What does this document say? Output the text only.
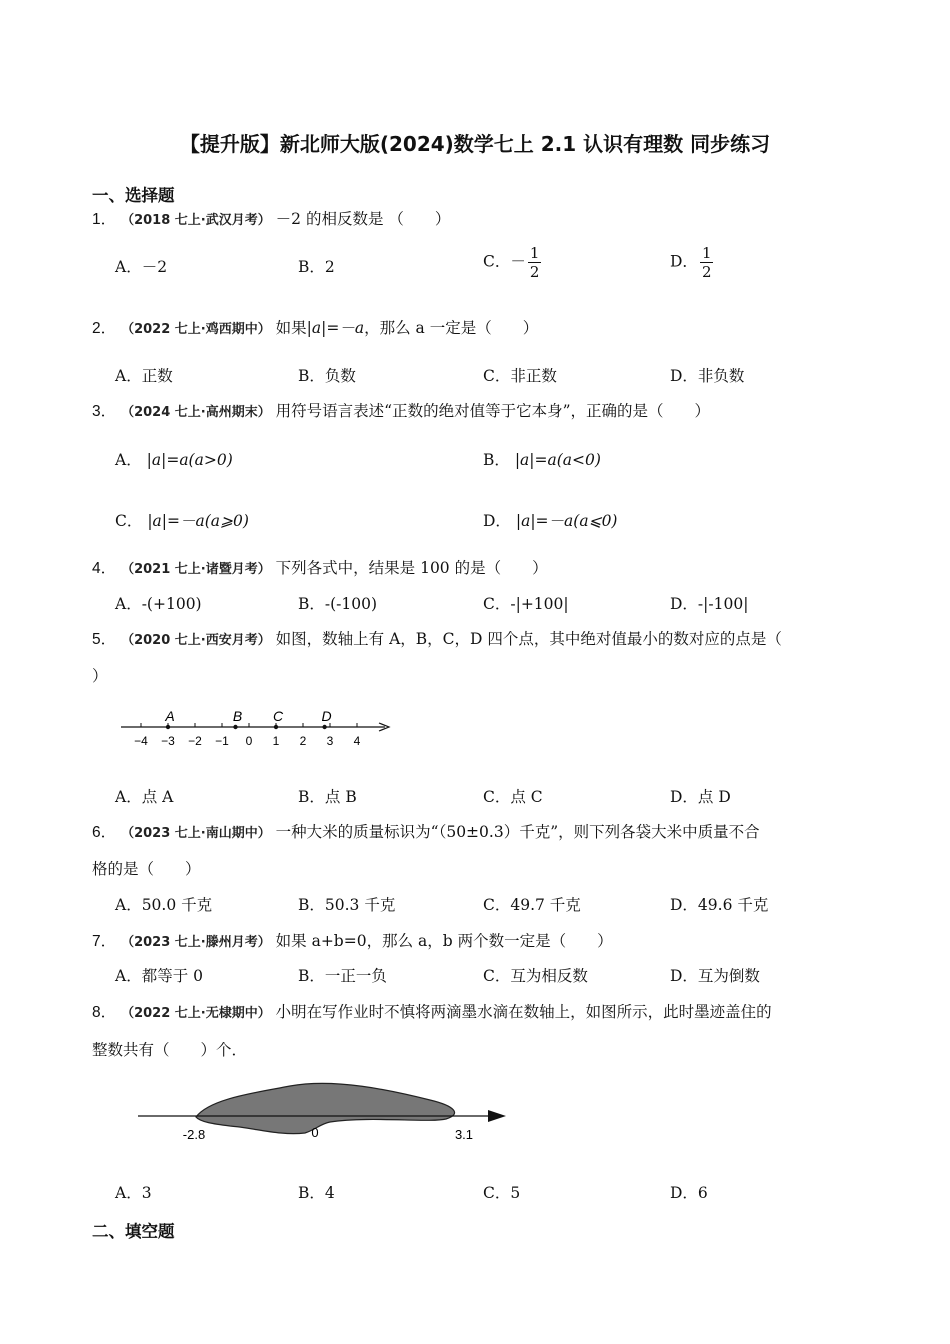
【提升版】新北师大版(2024)数学七上 2.1 认识有理数 同步练习
一、选择题
1． （2018 七上·武汉月考） －2 的相反数是 （　　）
A．－2	B．2	C．－ $\frac{1}{2}$	D． $\frac{1}{2}$
2． （2022 七上·鸡西期中） 如果|a|=－a，那么 a 一定是（　　）
A．正数	B．负数	C．非正数	D．非负数
3． （2024 七上·高州期末） 用符号语言表述“正数的绝对值等于它本身”，正确的是（　　）
A． |a|=a(a>0)	B． |a|=a(a<0)
C． |a|=－a(a⩾0)	D． |a|=－a(a⩽0)
4． （2021 七上·诸暨月考） 下列各式中，结果是 100 的是（　　）
A．-(+100)	B．-(-100)	C．-|+100|	D．-|-100|
5． （2020 七上·西安月考） 如图，数轴上有 A，B，C，D 四个点，其中绝对值最小的数对应的点是（
）
−4 −3 −2 −1 0 1 2 3 4
A	B C	D
A．点 A	B．点 B	C．点 C	D．点 D
6． （2023 七上·南山期中） 一种大米的质量标识为“（50±0.3）千克”，则下列各袋大米中质量不合
格的是（　　）
A．50.0 千克	B．50.3 千克	C．49.7 千克	D．49.6 千克
7． （2023 七上·滕州月考） 如果 a+b=0，那么 a，b 两个数一定是（　　）
A．都等于 0	B．一正一负	C．互为相反数	D．互为倒数
8． （2022 七上·无棣期中） 小明在写作业时不慎将两滴墨水滴在数轴上，如图所示，此时墨迹盖住的
整数共有（　　）个．
-2.8	0	3.1
A．3	B．4	C．5	D．6
二、填空题
